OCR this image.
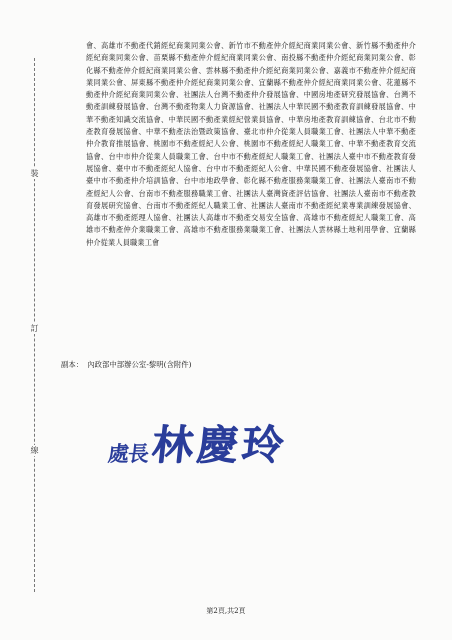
裝
訂
線
會、高雄市不動產代銷經紀商業同業公會、新竹市不動產仲介經紀商業同業公會、新竹縣不動產仲介經紀商業同業公會、苗栗縣不動產仲介經紀商業同業公會、南投縣不動產仲介經紀商業同業公會、彰化縣不動產仲介經紀商業同業公會、雲林縣不動產仲介經紀商業同業公會、嘉義市不動產仲介經紀商業同業公會、屏東縣不動產仲介經紀商業同業公會、宜蘭縣不動產仲介經紀商業同業公會、花蓮縣不動產仲介經紀商業同業公會、社團法人台灣不動產仲介發展協會、中國房地產研究發展協會、台灣不動產訓練發展協會、台灣不動產物業人力資源協會、社團法人中華民國不動產教育訓練發展協會、中華不動產知識交流協會、中華民國不動產業經紀營業員協會、中華房地產教育訓練協會、台北市不動產教育發展協會、中華不動產法治暨政策協會、臺北市仲介從業人員職業工會、社團法人中華不動產仲介教育推展協會、桃園市不動產經紀人公會、桃園市不動產經紀人職業工會、中華不動產教育交流協會、台中市仲介從業人員職業工會、台中市不動產經紀人職業工會、社團法人臺中市不動產教育發展協會、臺中市不動產經紀人協會、台中市不動產經紀人公會、中華民國不動產發展協會、社團法人臺中市不動產仲介培訓協會、台中市地政學會、彰化縣不動產服務業職業工會、社團法人臺南市不動產經紀人公會、台南市不動產服務職業工會、社團法人臺灣資產評估協會、社團法人臺南市不動產教育發展研究協會、台南市不動產經紀人職業工會、社團法人臺南市不動產經紀業專業訓練發展協會、高雄市不動產經理人協會、社團法人高雄市不動產交易安全協會、高雄市不動產經紀人職業工會、高雄市不動產仲介業職業工會、高雄市不動產服務業職業工會、社團法人雲林縣土地利用學會、宜蘭縣仲介從業人員職業工會
副本： 內政部中部辦公室-黎明(含附件)
處長 林慶玲
第2頁,共2頁
